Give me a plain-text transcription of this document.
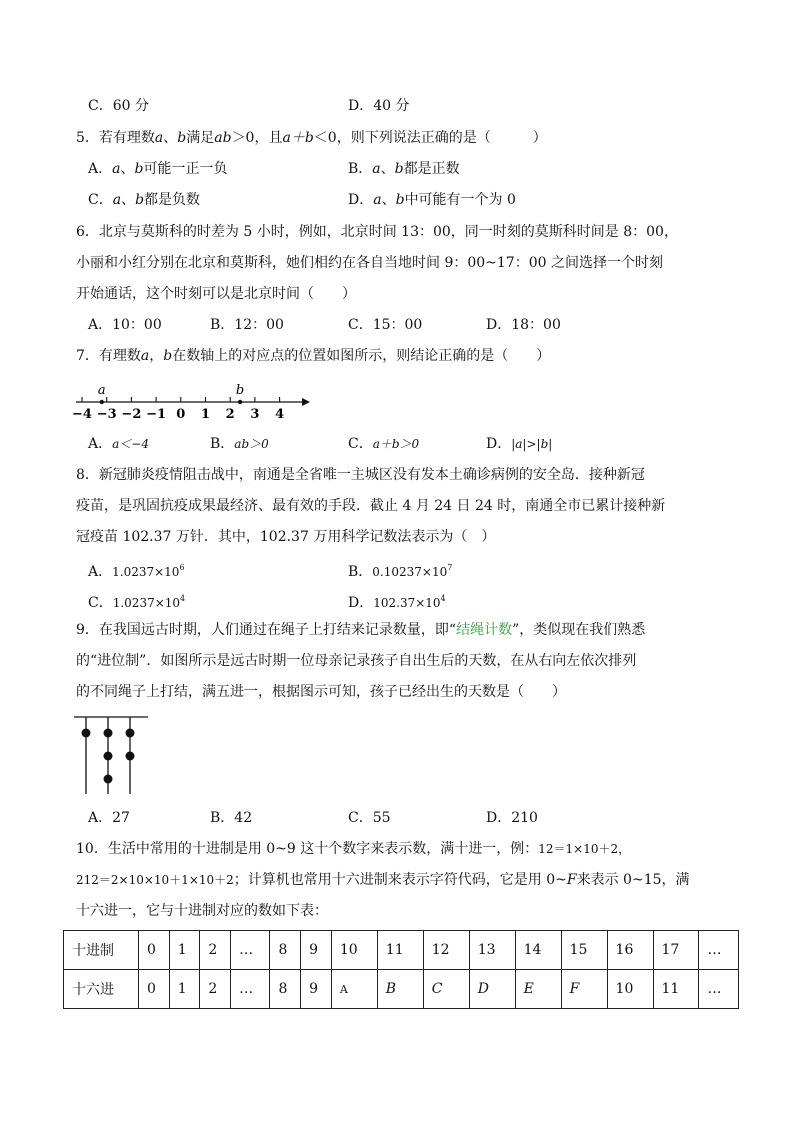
C．60 分	D．40 分
5．若有理数a、b满足ab＞0，且a＋b＜0，则下列说法正确的是（　　　）
A．a、b可能一正一负	B．a、b都是正数
C．a、b都是负数	D．a、b中可能有一个为 0
6．北京与莫斯科的时差为 5 小时，例如，北京时间 13：00，同一时刻的莫斯科时间是 8：00，
小丽和小红分别在北京和莫斯科，她们相约在各自当地时间 9：00~17：00 之间选择一个时刻
开始通话，这个时刻可以是北京时间（　　）
A．10：00	B．12：00	C．15：00	D．18：00
7．有理数a，b在数轴上的对应点的位置如图所示，则结论正确的是（　　）
−4 −3 −2 −1 0 1 2 3 4
a	b
A．a＜−4	B．ab＞0	C．a＋b＞0	D．|a|>|b|
8．新冠肺炎疫情阻击战中，南通是全省唯一主城区没有发本土确诊病例的安全岛．接种新冠
疫苗，是巩固抗疫成果最经济、最有效的手段．截止 4 月 24 日 24 时，南通全市已累计接种新
冠疫苗 102.37 万针．其中，102.37 万用科学记数法表示为（　）
A．$1.0237\times 10^6$	B．$0.10237\times 10^7$
C．$1.0237\times 10^4$	D．$102.37\times 10^4$
9．在我国远古时期，人们通过在绳子上打结来记录数量，即“结绳计数”，类似现在我们熟悉
的“进位制”．如图所示是远古时期一位母亲记录孩子自出生后的天数，在从右向左依次排列
的不同绳子上打结，满五进一，根据图示可知，孩子已经出生的天数是（　　）
A．27	B．42	C．55	D．210
10．生活中常用的十进制是用 0~9 这十个数字来表示数，满十进一，例：12＝1×10＋2，
212＝2×10×10＋1×10＋2；计算机也常用十六进制来表示字符代码，它是用 0~F来表示 0~15，满
十六进一，它与十进制对应的数如下表：
十进制	0	1	2	…	8	9	10	11	12	13	14	15	16	17	…
十六进	0	1	2	…	8	9	A	B	C	D	E	F	10	11	…
